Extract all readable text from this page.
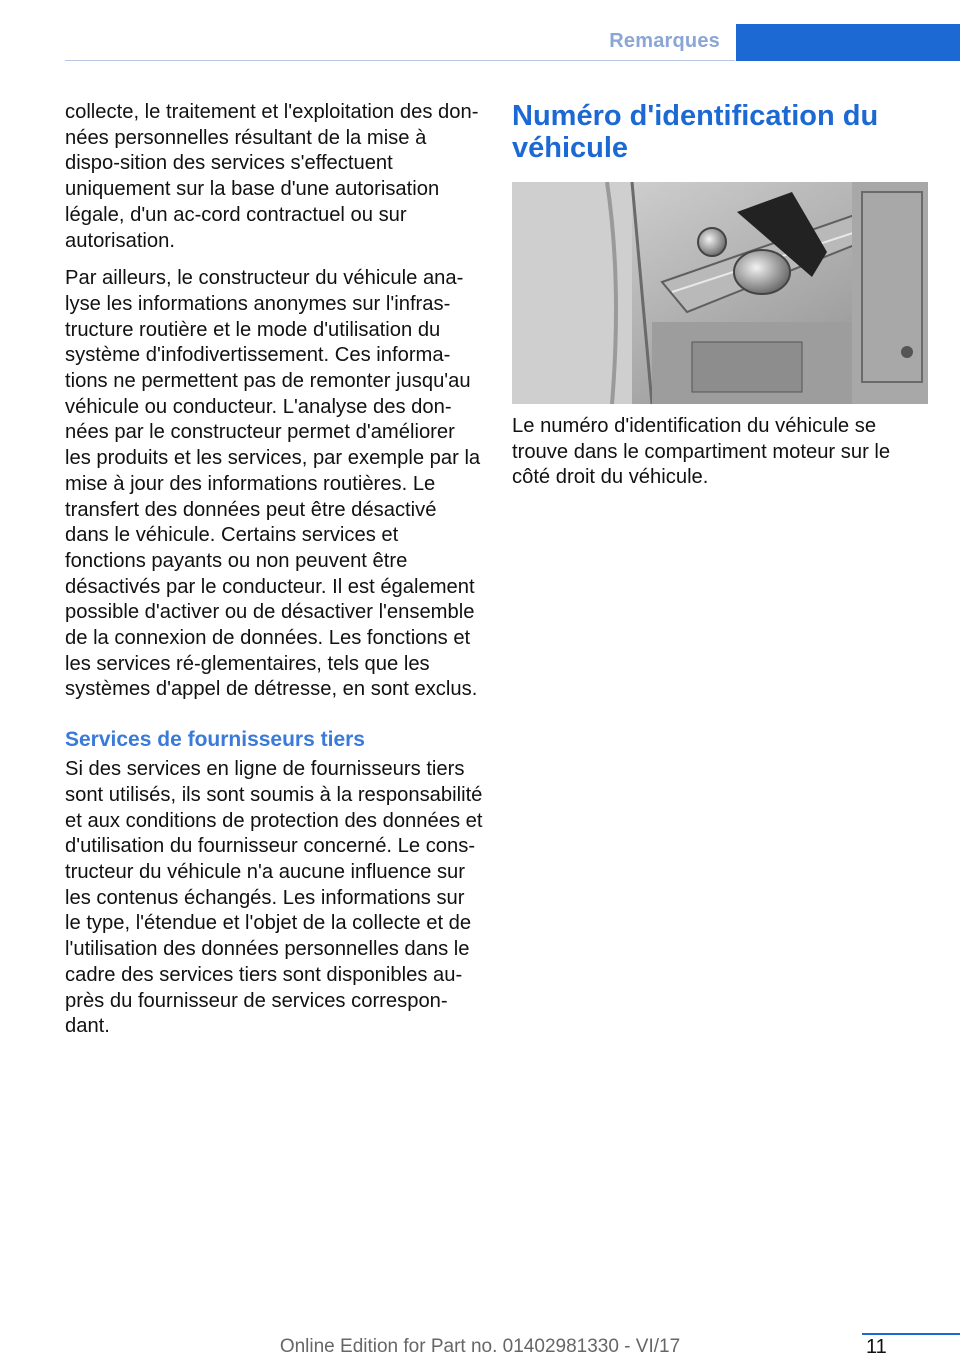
Remarques

collecte, le traitement et l'exploitation des don-nées personnelles résultant de la mise à dispo-sition des services s'effectuent uniquement sur la base d'une autorisation légale, d'un ac-cord contractuel ou sur autorisation.

Par ailleurs, le constructeur du véhicule ana-lyse les informations anonymes sur l'infras-tructure routière et le mode d'utilisation du système d'infodivertissement. Ces informa-tions ne permettent pas de remonter jusqu'au véhicule ou conducteur. L'analyse des don-nées par le constructeur permet d'améliorer les produits et les services, par exemple par la mise à jour des informations routières. Le transfert des données peut être désactivé dans le véhicule. Certains services et fonctions payants ou non peuvent être désactivés par le conducteur. Il est également possible d'activer ou de désactiver l'ensemble de la connexion de données. Les fonctions et les services ré-glementaires, tels que les systèmes d'appel de détresse, en sont exclus.

Services de fournisseurs tiers

Si des services en ligne de fournisseurs tiers sont utilisés, ils sont soumis à la responsabilité et aux conditions de protection des données et d'utilisation du fournisseur concerné. Le cons-tructeur du véhicule n'a aucune influence sur les contenus échangés. Les informations sur le type, l'étendue et l'objet de la collecte et de l'utilisation des données personnelles dans le cadre des services tiers sont disponibles au-près du fournisseur de services correspon-dant.

Numéro d'identification du véhicule

Le numéro d'identification du véhicule se trouve dans le compartiment moteur sur le côté droit du véhicule.

Online Edition for Part no. 01402981330 - VI/17	11
